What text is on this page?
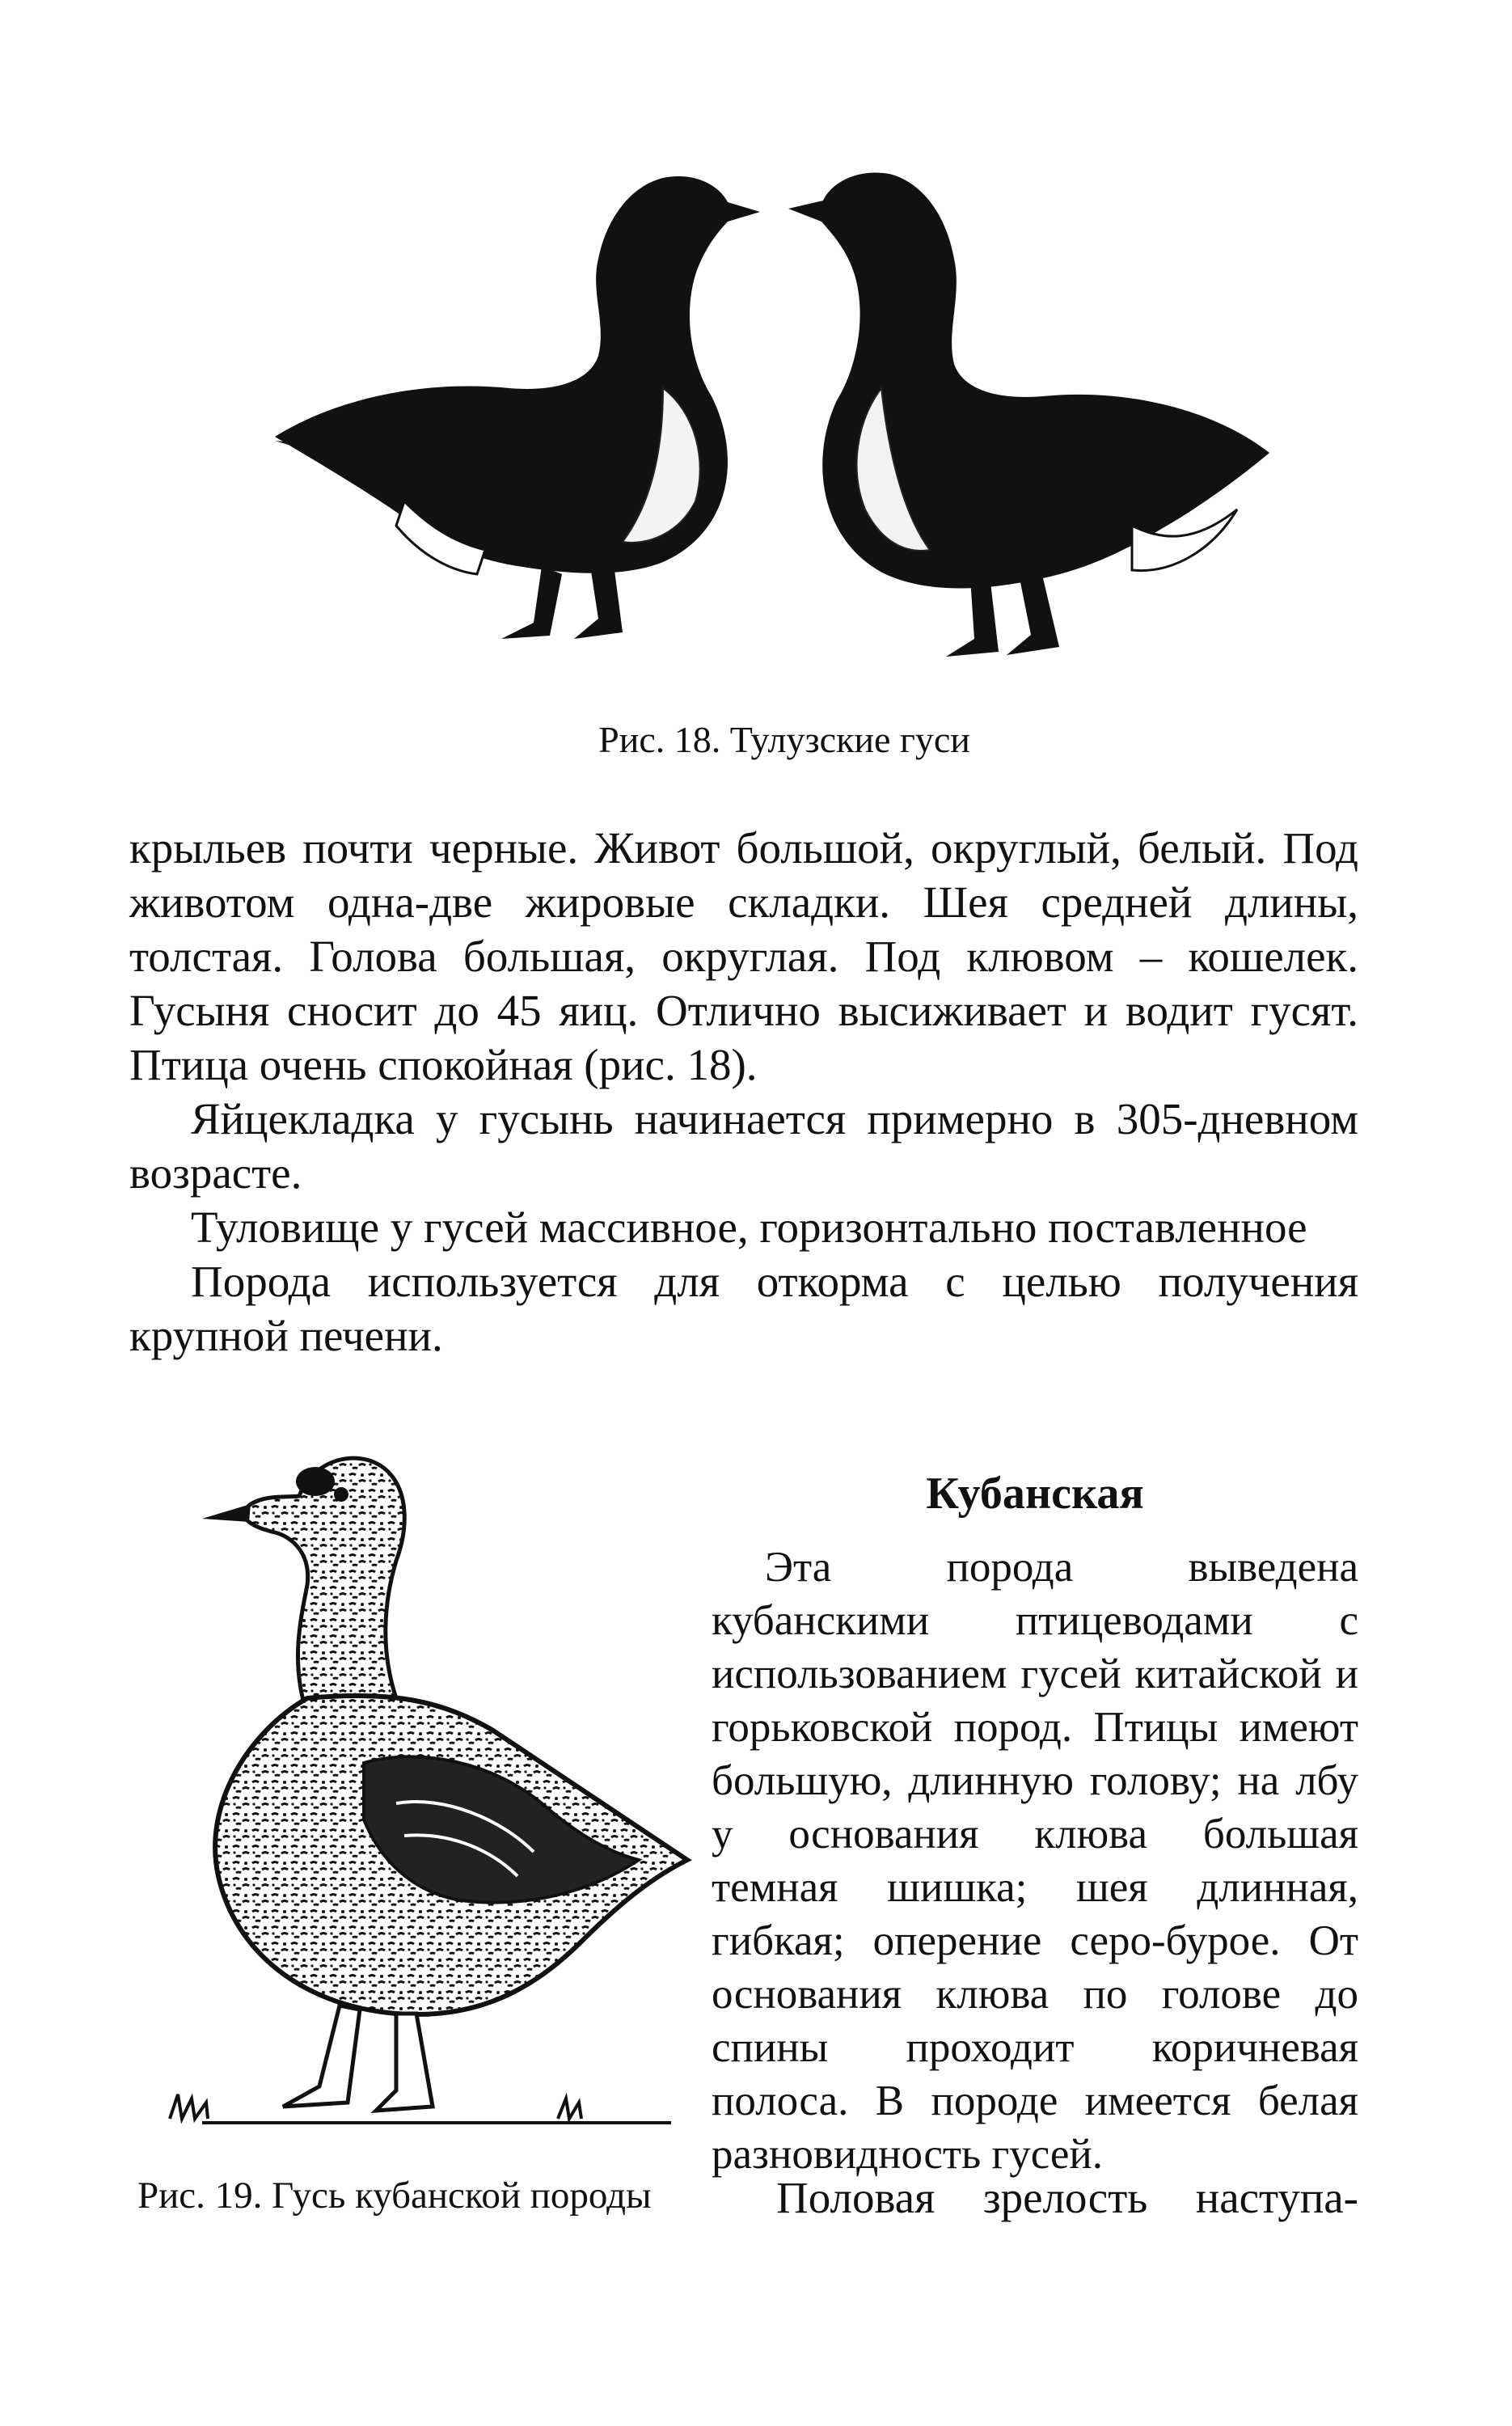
Рис. 18. Тулузские гуси

крыльев почти черные. Живот большой, округлый, белый. Под животом одна-две жировые складки. Шея средней длины, толстая. Голова большая, округлая. Под клювом – кошелек. Гусыня сносит до 45 яиц. Отлично высиживает и водит гусят. Птица очень спокойная (рис. 18).

Яйцекладка у гусынь начинается примерно в 305-дневном возрасте.

Туловище у гусей массивное, горизонтально поставленное

Порода используется для откорма с целью получения крупной печени.

Рис. 19. Гусь кубанской породы
Кубанская

Эта порода выведена кубанскими птицеводами с использованием гусей китайской и горьковской пород. Птицы имеют большую, длинную голову; на лбу у основания клюва большая темная шишка; шея длинная, гибкая; оперение серо-бурое. От основания клюва по голове до спины проходит коричневая полоса. В породе имеется белая разновидность гусей.

Половая зрелость наступа-
